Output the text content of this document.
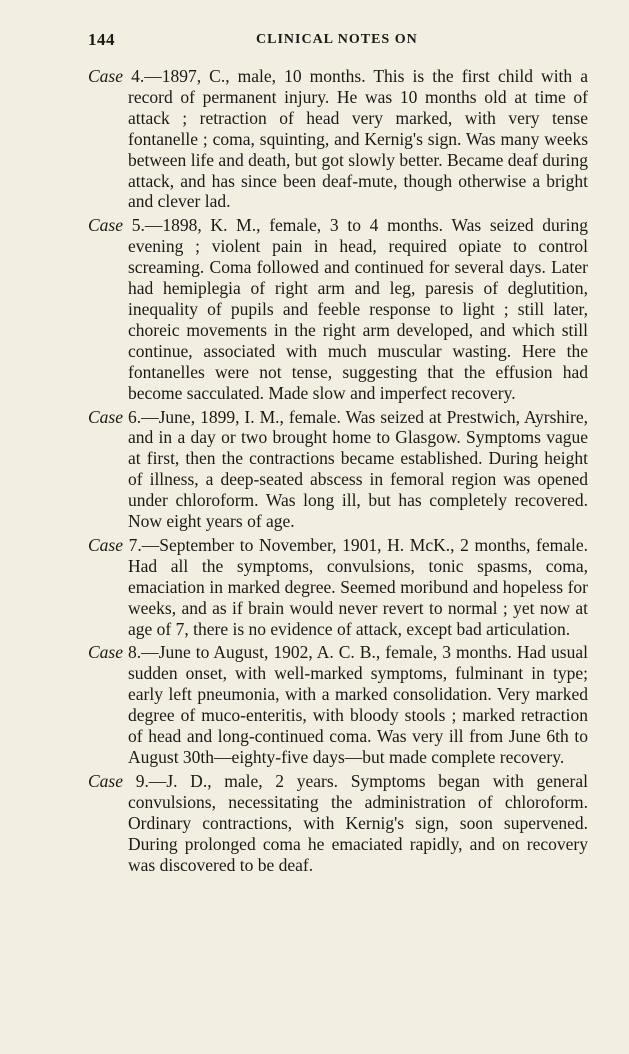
144	CLINICAL NOTES ON

Case 4.—1897, C., male, 10 months. This is the first child with a record of permanent injury. He was 10 months old at time of attack ; retraction of head very marked, with very tense fontanelle ; coma, squinting, and Kernig's sign. Was many weeks between life and death, but got slowly better. Became deaf during attack, and has since been deaf-mute, though otherwise a bright and clever lad.

Case 5.—1898, K. M., female, 3 to 4 months. Was seized during evening ; violent pain in head, required opiate to control screaming. Coma followed and continued for several days. Later had hemiplegia of right arm and leg, paresis of deglutition, inequality of pupils and feeble response to light ; still later, choreic movements in the right arm developed, and which still continue, associated with much muscular wasting. Here the fontanelles were not tense, suggesting that the effusion had become sacculated. Made slow and imperfect recovery.

Case 6.—June, 1899, I. M., female. Was seized at Prestwich, Ayrshire, and in a day or two brought home to Glasgow. Symptoms vague at first, then the contractions became established. During height of illness, a deep-seated abscess in femoral region was opened under chloroform. Was long ill, but has completely recovered. Now eight years of age.

Case 7.—September to November, 1901, H. McK., 2 months, female. Had all the symptoms, convulsions, tonic spasms, coma, emaciation in marked degree. Seemed moribund and hopeless for weeks, and as if brain would never revert to normal ; yet now at age of 7, there is no evidence of attack, except bad articulation.

Case 8.—June to August, 1902, A. C. B., female, 3 months. Had usual sudden onset, with well-marked symptoms, fulminant in type; early left pneumonia, with a marked consolidation. Very marked degree of muco-enteritis, with bloody stools ; marked retraction of head and long-continued coma. Was very ill from June 6th to August 30th—eighty-five days—but made complete recovery.

Case 9.—J. D., male, 2 years. Symptoms began with general convulsions, necessitating the administration of chloroform. Ordinary contractions, with Kernig's sign, soon supervened. During prolonged coma he emaciated rapidly, and on recovery was discovered to be deaf.
